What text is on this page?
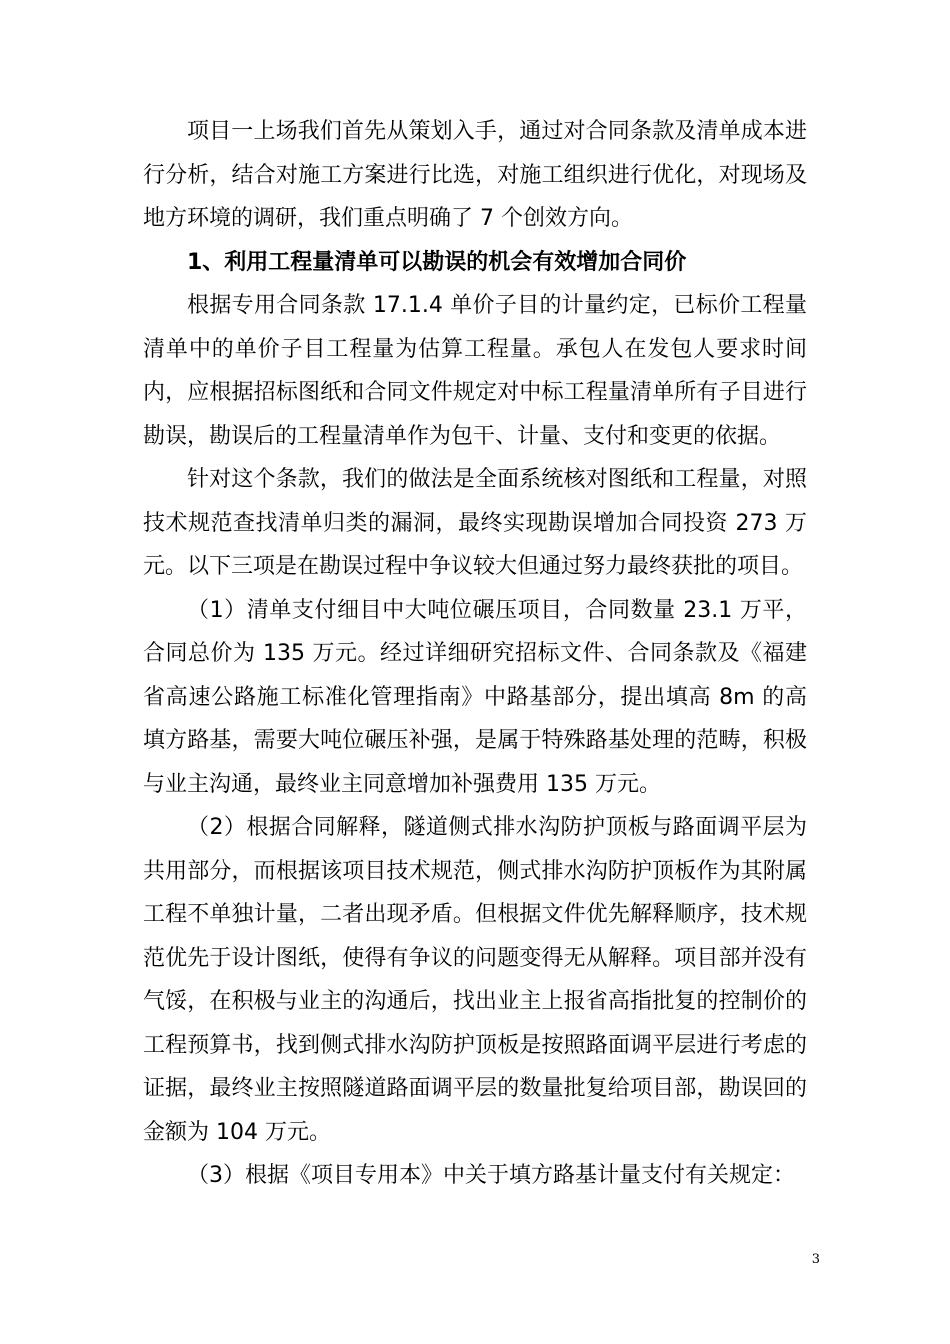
项目一上场我们首先从策划入手，通过对合同条款及清单成本进行分析，结合对施工方案进行比选，对施工组织进行优化，对现场及地方环境的调研，我们重点明确了 7 个创效方向。

1、利用工程量清单可以勘误的机会有效增加合同价

根据专用合同条款 17.1.4 单价子目的计量约定，已标价工程量清单中的单价子目工程量为估算工程量。承包人在发包人要求时间内，应根据招标图纸和合同文件规定对中标工程量清单所有子目进行勘误，勘误后的工程量清单作为包干、计量、支付和变更的依据。

针对这个条款，我们的做法是全面系统核对图纸和工程量，对照技术规范查找清单归类的漏洞，最终实现勘误增加合同投资 273 万元。以下三项是在勘误过程中争议较大但通过努力最终获批的项目。

（1）清单支付细目中大吨位碾压项目，合同数量 23.1 万平，合同总价为 135 万元。经过详细研究招标文件、合同条款及《福建省高速公路施工标准化管理指南》中路基部分，提出填高 8m 的高填方路基，需要大吨位碾压补强，是属于特殊路基处理的范畴，积极与业主沟通，最终业主同意增加补强费用 135 万元。

（2）根据合同解释，隧道侧式排水沟防护顶板与路面调平层为共用部分，而根据该项目技术规范，侧式排水沟防护顶板作为其附属工程不单独计量，二者出现矛盾。但根据文件优先解释顺序，技术规范优先于设计图纸，使得有争议的问题变得无从解释。项目部并没有气馁，在积极与业主的沟通后，找出业主上报省高指批复的控制价的工程预算书，找到侧式排水沟防护顶板是按照路面调平层进行考虑的证据，最终业主按照隧道路面调平层的数量批复给项目部，勘误回的金额为 104 万元。

（3）根据《项目专用本》中关于填方路基计量支付有关规定：

3
